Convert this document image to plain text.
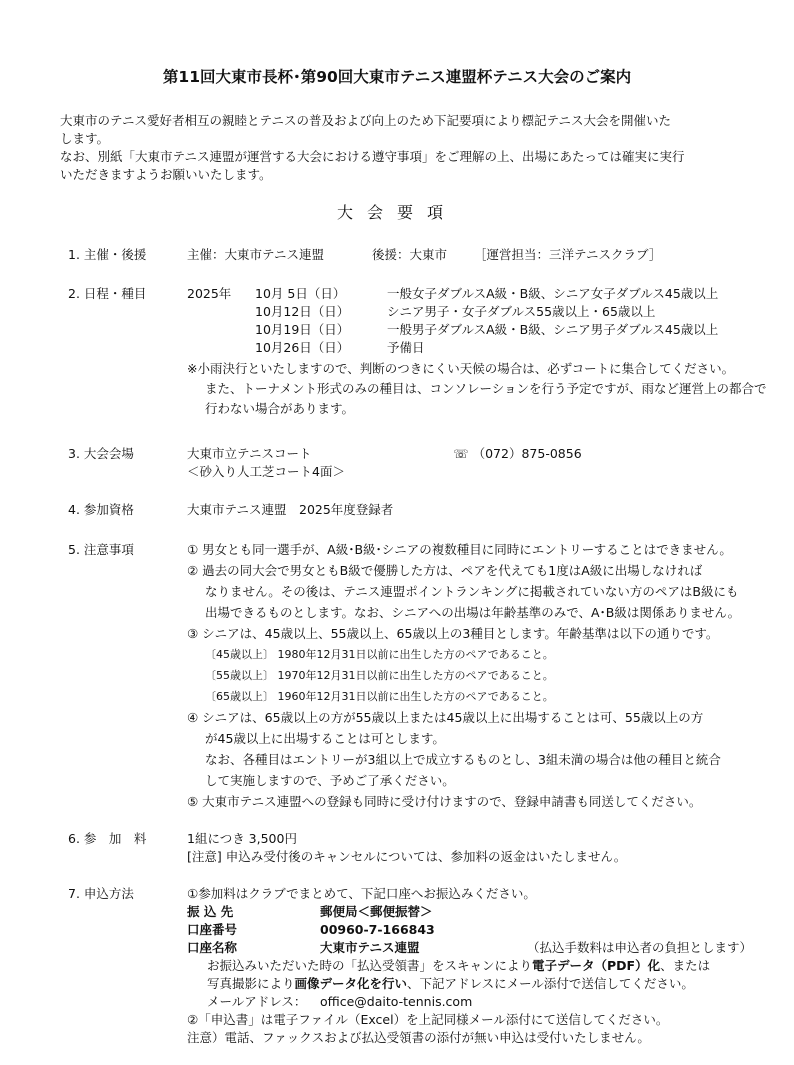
第11回大東市長杯･第90回大東市テニス連盟杯テニス大会のご案内

大東市のテニス愛好者相互の親睦とテニスの普及および向上のため下記要項により標記テニス大会を開催いた

します。

なお、別紙「大東市テニス連盟が運営する大会における遵守事項」をご理解の上、出場にあたっては確実に実行

いただきますようお願いいたします。

大会要項
1. 主催・後援	主催：大東市テニス連盟	後援：大東市 ［運営担当：三洋テニスクラブ］
2. 日程・種目	2025年 10月 5日（日）	一般女子ダブルスA級・B級、シニア女子ダブルス45歳以上
10月12日（日）	シニア男子・女子ダブルス55歳以上・65歳以上
10月19日（日）	一般男子ダブルスA級・B級、シニア男子ダブルス45歳以上
10月26日（日）	予備日
※小雨決行といたしますので、判断のつきにくい天候の場合は、必ずコートに集合してください。
また、トーナメント形式のみの種目は、コンソレーションを行う予定ですが、雨など運営上の都合で
行わない場合があります。
3. 大会会場	大東市立テニスコート	☏ （072）875-0856
＜砂入り人工芝コート4面＞
4. 参加資格	大東市テニス連盟　2025年度登録者
5. 注意事項	① 男女とも同一選手が、A級･B級･シニアの複数種目に同時にエントリーすることはできません。
② 過去の同大会で男女ともB級で優勝した方は、ペアを代えても1度はA級に出場しなければ
なりません。その後は、テニス連盟ポイントランキングに掲載されていない方のペアはB級にも
出場できるものとします。なお、シニアへの出場は年齢基準のみで、A･B級は関係ありません。
③ シニアは、45歳以上、55歳以上、65歳以上の3種目とします。年齢基準は以下の通りです。
〔45歳以上〕 1980年12月31日以前に出生した方のペアであること。
〔55歳以上〕 1970年12月31日以前に出生した方のペアであること。
〔65歳以上〕 1960年12月31日以前に出生した方のペアであること。
④ シニアは、65歳以上の方が55歳以上または45歳以上に出場することは可、55歳以上の方
が45歳以上に出場することは可とします。
なお、各種目はエントリーが3組以上で成立するものとし、3組未満の場合は他の種目と統合
して実施しますので、予めご了承ください。
⑤ 大東市テニス連盟への登録も同時に受け付けますので、登録申請書も同送してください。
6. 参　加　料	1組につき 3,500円
[注意] 申込み受付後のキャンセルについては、参加料の返金はいたしません。
7. 申込方法	①参加料はクラブでまとめて、下記口座へお振込みください。
振 込 先	郵便局＜郵便振替＞
口座番号	00960-7-166843
口座名称	大東市テニス連盟	（払込手数料は申込者の負担とします）
お振込みいただいた時の「払込受領書」をスキャンにより電子データ（PDF）化、または
写真撮影により画像データ化を行い、下記アドレスにメール添付で送信してください。
メールアドレス： office@daito-tennis.com
②「申込書」は電子ファイル（Excel）を上記同様メール添付にて送信してください。
注意）電話、ファックスおよび払込受領書の添付が無い申込は受付いたしません。
